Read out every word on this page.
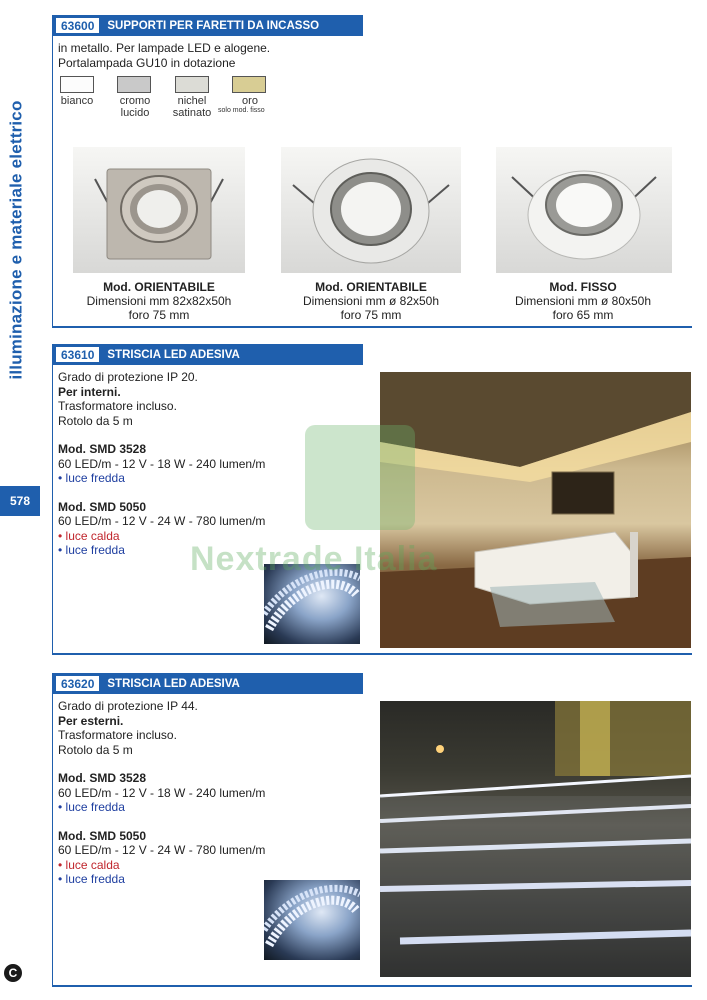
illuminazione e materiale elettrico
578
C
63600	SUPPORTI PER FARETTI DA INCASSO
in metallo. Per lampade LED e alogene.
Portalampada GU10 in dotazione
bianco	cromo
lucido
nichel
satinato
oro
solo mod. fisso
Mod. ORIENTABILE
Dimensioni mm 82x82x50h
foro 75 mm
Mod. ORIENTABILE
Dimensioni mm ø 82x50h
foro 75 mm
Mod. FISSO
Dimensioni mm ø 80x50h
foro 65 mm
63610	STRISCIA LED ADESIVA
Grado di protezione IP 20.
Per interni.
Trasformatore incluso.
Rotolo da 5 m
Mod. SMD 3528
60 LED/m - 12 V - 18 W - 240 lumen/m
• luce fredda
Mod. SMD 5050
60 LED/m - 12 V - 24 W - 780 lumen/m
• luce calda
• luce fredda
63620	STRISCIA LED ADESIVA
Grado di protezione IP 44.
Per esterni.
Trasformatore incluso.
Rotolo da 5 m
Mod. SMD 3528
60 LED/m - 12 V - 18 W - 240 lumen/m
• luce fredda
Mod. SMD 5050
60 LED/m - 12 V - 24 W - 780 lumen/m
• luce calda
• luce fredda
Nextrade Italia
